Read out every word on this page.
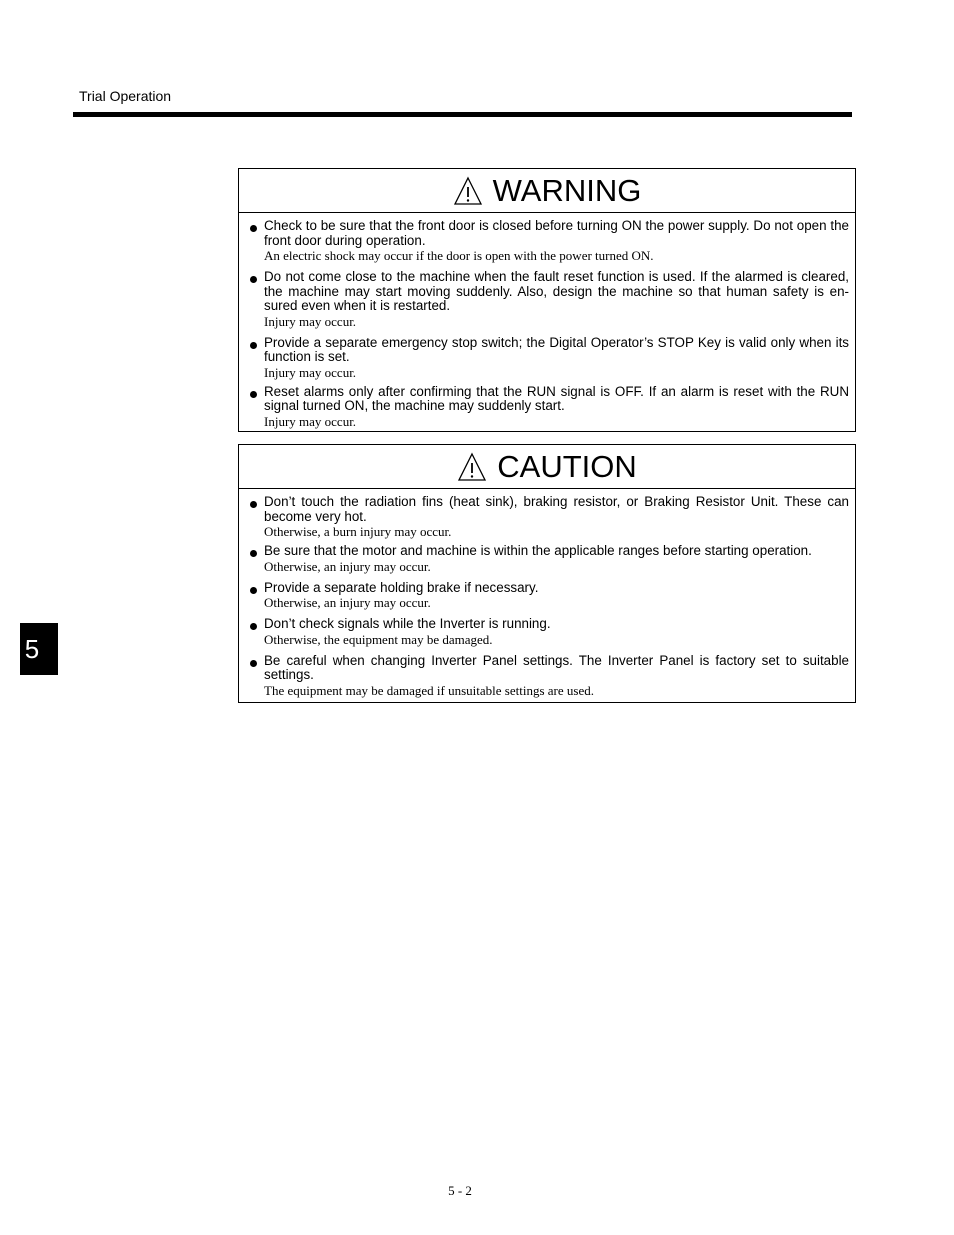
Trial Operation
5
WARNING
Check to be sure that the front door is closed before turning ON the power supply. Do not open the front door during operation.
An electric shock may occur if the door is open with the power turned ON.
Do not come close to the machine when the fault reset function is used. If the alarmed is cleared, the machine may start moving suddenly. Also, design the machine so that human safety is en-sured even when it is restarted.
Injury may occur.
Provide a separate emergency stop switch; the Digital Operator’s STOP Key is valid only when its function is set.
Injury may occur.
Reset alarms only after confirming that the RUN signal is OFF. If an alarm is reset with the RUN signal turned ON, the machine may suddenly start.
Injury may occur.
CAUTION
Don’t touch the radiation fins (heat sink), braking resistor, or Braking Resistor Unit. These can become very hot.
Otherwise, a burn injury may occur.
Be sure that the motor and machine is within the applicable ranges before starting operation.
Otherwise, an injury may occur.
Provide a separate holding brake if necessary.
Otherwise, an injury may occur.
Don’t check signals while the Inverter is running.
Otherwise, the equipment may be damaged.
Be careful when changing Inverter Panel settings. The Inverter Panel is factory set to suitable settings.
The equipment may be damaged if unsuitable settings are used.
5 - 2
